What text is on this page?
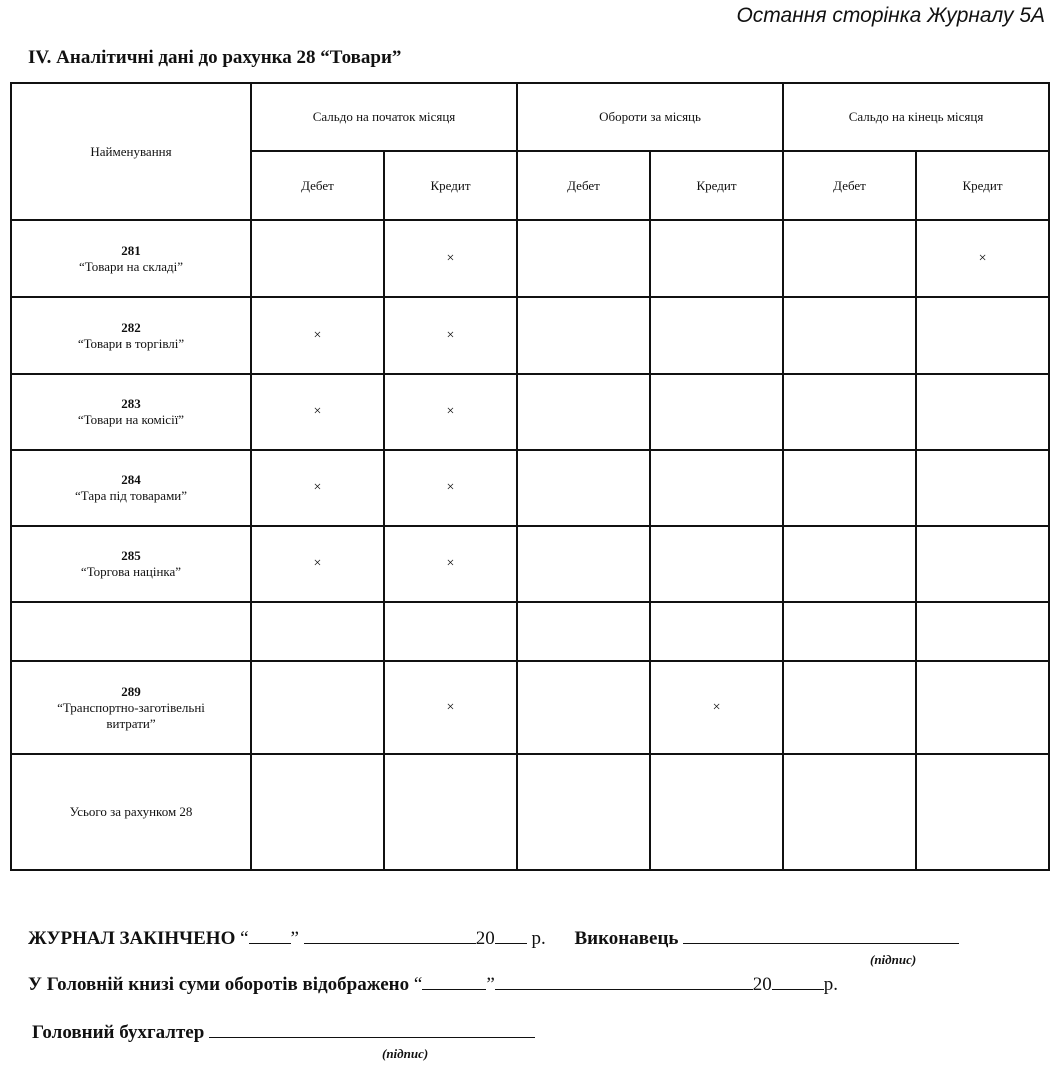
Остання сторінка Журналу 5А
IV. Аналітичні дані до рахунка 28 “Товари”
Найменування	Сальдо на початок місяця		Обороти за місяць		Сальдо на кінець місяця	
	Дебет	Кредит	Дебет	Кредит	Дебет	Кредит

281
“Товари на складі”		×				×

282
“Товари в торгівлі”	×	×				

283
“Товари на комісії”	×	×				

284
“Тара під товарами”	×	×				

285
“Торгова націнка”	×	×				

289
“Транспортно-заготівельні витрати”		×		×		
Усього за рахунком 28						
ЖУРНАЛ ЗАКІНЧЕНО “ ”	20 р. Виконавець
(підпис)
У Головній книзі суми оборотів відображено “	”	20	р.
Головний бухгалтер
(підпис)
